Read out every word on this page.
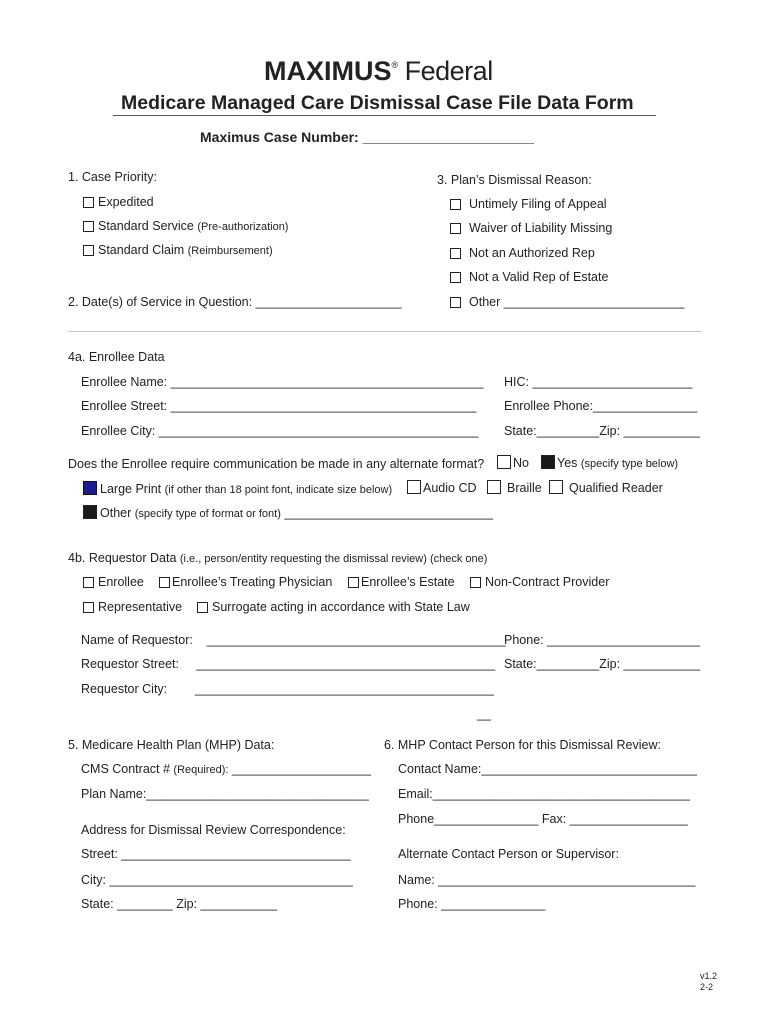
MAXIMUS® Federal
Medicare Managed Care Dismissal Case File Data Form
Maximus Case Number: ______________________
1. Case Priority:
Expedited
Standard Service (Pre-authorization)
Standard Claim (Reimbursement)
2. Date(s) of Service in Question: _____________________
3. Plan’s Dismissal Reason:
Untimely Filing of Appeal
Waiver of Liability Missing
Not an Authorized Rep
Not a Valid Rep of Estate
Other __________________________
4a. Enrollee Data
Enrollee Name: _____________________________________________
Enrollee Street: ____________________________________________
Enrollee City: ______________________________________________
HIC: _______________________
Enrollee Phone:_______________
State:_________Zip: ___________
Does the Enrollee require communication be made in any alternate format?	No	Yes (specify type below)
Large Print (if other than 18 point font, indicate size below)	Audio CD	Braille	Qualified Reader
Other (specify type of format or font) ______________________________
4b. Requestor Data (i.e., person/entity requesting the dismissal review) (check one)
Enrollee	Enrollee’s Treating Physician	Enrollee’s Estate	Non-Contract Provider
Representative	Surrogate acting in accordance with State Law
Name of Requestor:    ___________________________________________
Requestor Street:     ___________________________________________
Requestor City:        ___________________________________________
Phone: ______________________
State:_________Zip: ___________
__
5. Medicare Health Plan (MHP) Data:
CMS Contract # (Required): ____________________
Plan Name:________________________________
Address for Dismissal Review Correspondence:
Street: _________________________________
City: ___________________________________
State: ________ Zip: ___________
6. MHP Contact Person for this Dismissal Review:
Contact Name:_______________________________
Email:_____________________________________
Phone_______________ Fax: _________________
Alternate Contact Person or Supervisor:
Name: _____________________________________
Phone: _______________
v1.2
2-2
